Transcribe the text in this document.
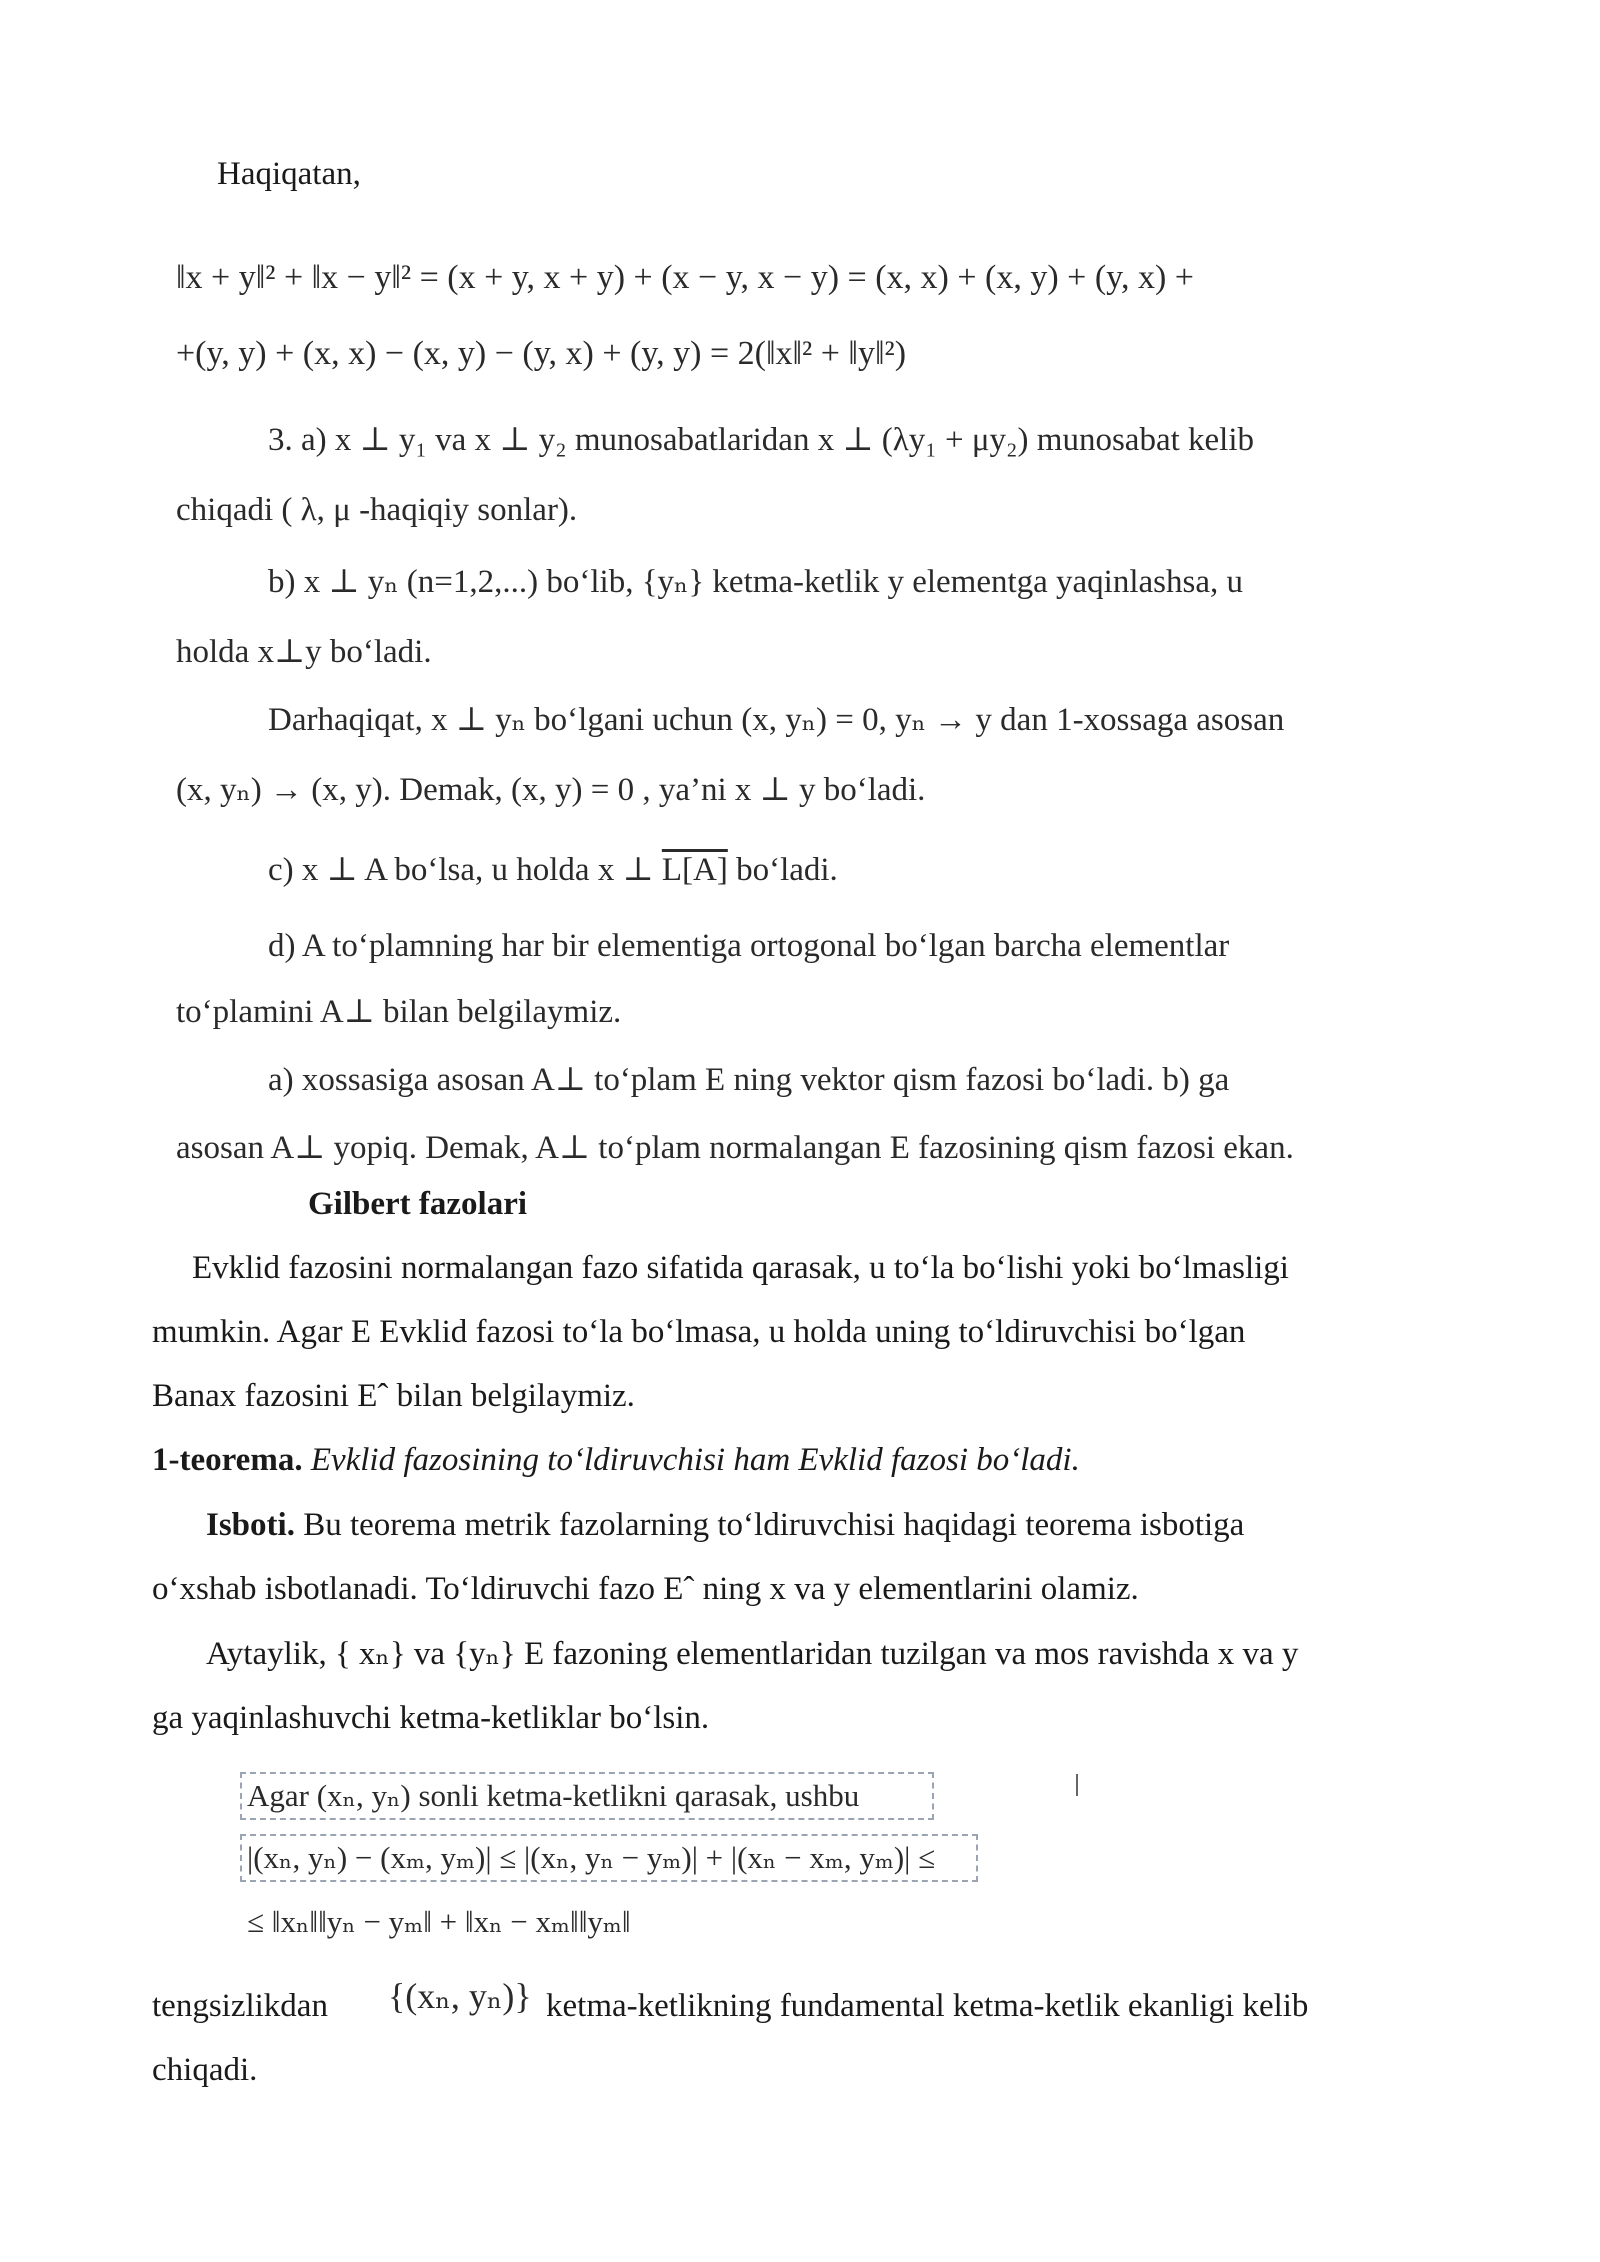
Haqiqatan,

‖x + y‖² + ‖x − y‖² = (x + y, x + y) + (x − y, x − y) = (x, x) + (x, y) + (y, x) +

+(y, y) + (x, x) − (x, y) − (y, x) + (y, y) = 2(‖x‖² + ‖y‖²)

3. a) x ⊥ y₁ va x ⊥ y₂ munosabatlaridan x ⊥ (λy₁ + μy₂) munosabat kelib

chiqadi ( λ, μ -haqiqiy sonlar).

b) x ⊥ yₙ (n=1,2,...) bo‘lib, {yₙ} ketma-ketlik y elementga yaqinlashsa, u

holda x⊥y bo‘ladi.

Darhaqiqat, x ⊥ yₙ bo‘lgani uchun (x, yₙ) = 0, yₙ → y dan 1-xossaga asosan

(x, yₙ) → (x, y). Demak, (x, y) = 0 , ya’ni x ⊥ y bo‘ladi.

c) x ⊥ A bo‘lsa, u holda x ⊥ L[A] bo‘ladi.

d) A to‘plamning har bir elementiga ortogonal bo‘lgan barcha elementlar

to‘plamini A⊥ bilan belgilaymiz.

a) xossasiga asosan A⊥ to‘plam E ning vektor qism fazosi bo‘ladi. b) ga

asosan A⊥ yopiq. Demak, A⊥ to‘plam normalangan E fazosining qism fazosi ekan.

Gilbert fazolari

Evklid fazosini normalangan fazo sifatida qarasak, u to‘la bo‘lishi yoki bo‘lmasligi

mumkin. Agar E Evklid fazosi to‘la bo‘lmasa, u holda uning to‘ldiruvchisi bo‘lgan

Banax fazosini Eˆ bilan belgilaymiz.

1-teorema. Evklid fazosining to‘ldiruvchisi ham Evklid fazosi bo‘ladi.

Isboti. Bu teorema metrik fazolarning to‘ldiruvchisi haqidagi teorema isbotiga

o‘xshab isbotlanadi. To‘ldiruvchi fazo Eˆ ning x va y elementlarini olamiz.

Aytaylik, { xₙ} va {yₙ} E fazoning elementlaridan tuzilgan va mos ravishda x va y

ga yaqinlashuvchi ketma-ketliklar bo‘lsin.

Agar (xₙ, yₙ) sonli ketma-ketlikni qarasak, ushbu

|(xₙ, yₙ) − (xₘ, yₘ)| ≤ |(xₙ, yₙ − yₘ)| + |(xₙ − xₘ, yₘ)| ≤

≤ ‖xₙ‖‖yₙ − yₘ‖ + ‖xₙ − xₘ‖‖yₘ‖

tengsizlikdan {(xₙ, yₙ)} ketma-ketlikning fundamental ketma-ketlik ekanligi kelib

chiqadi.
